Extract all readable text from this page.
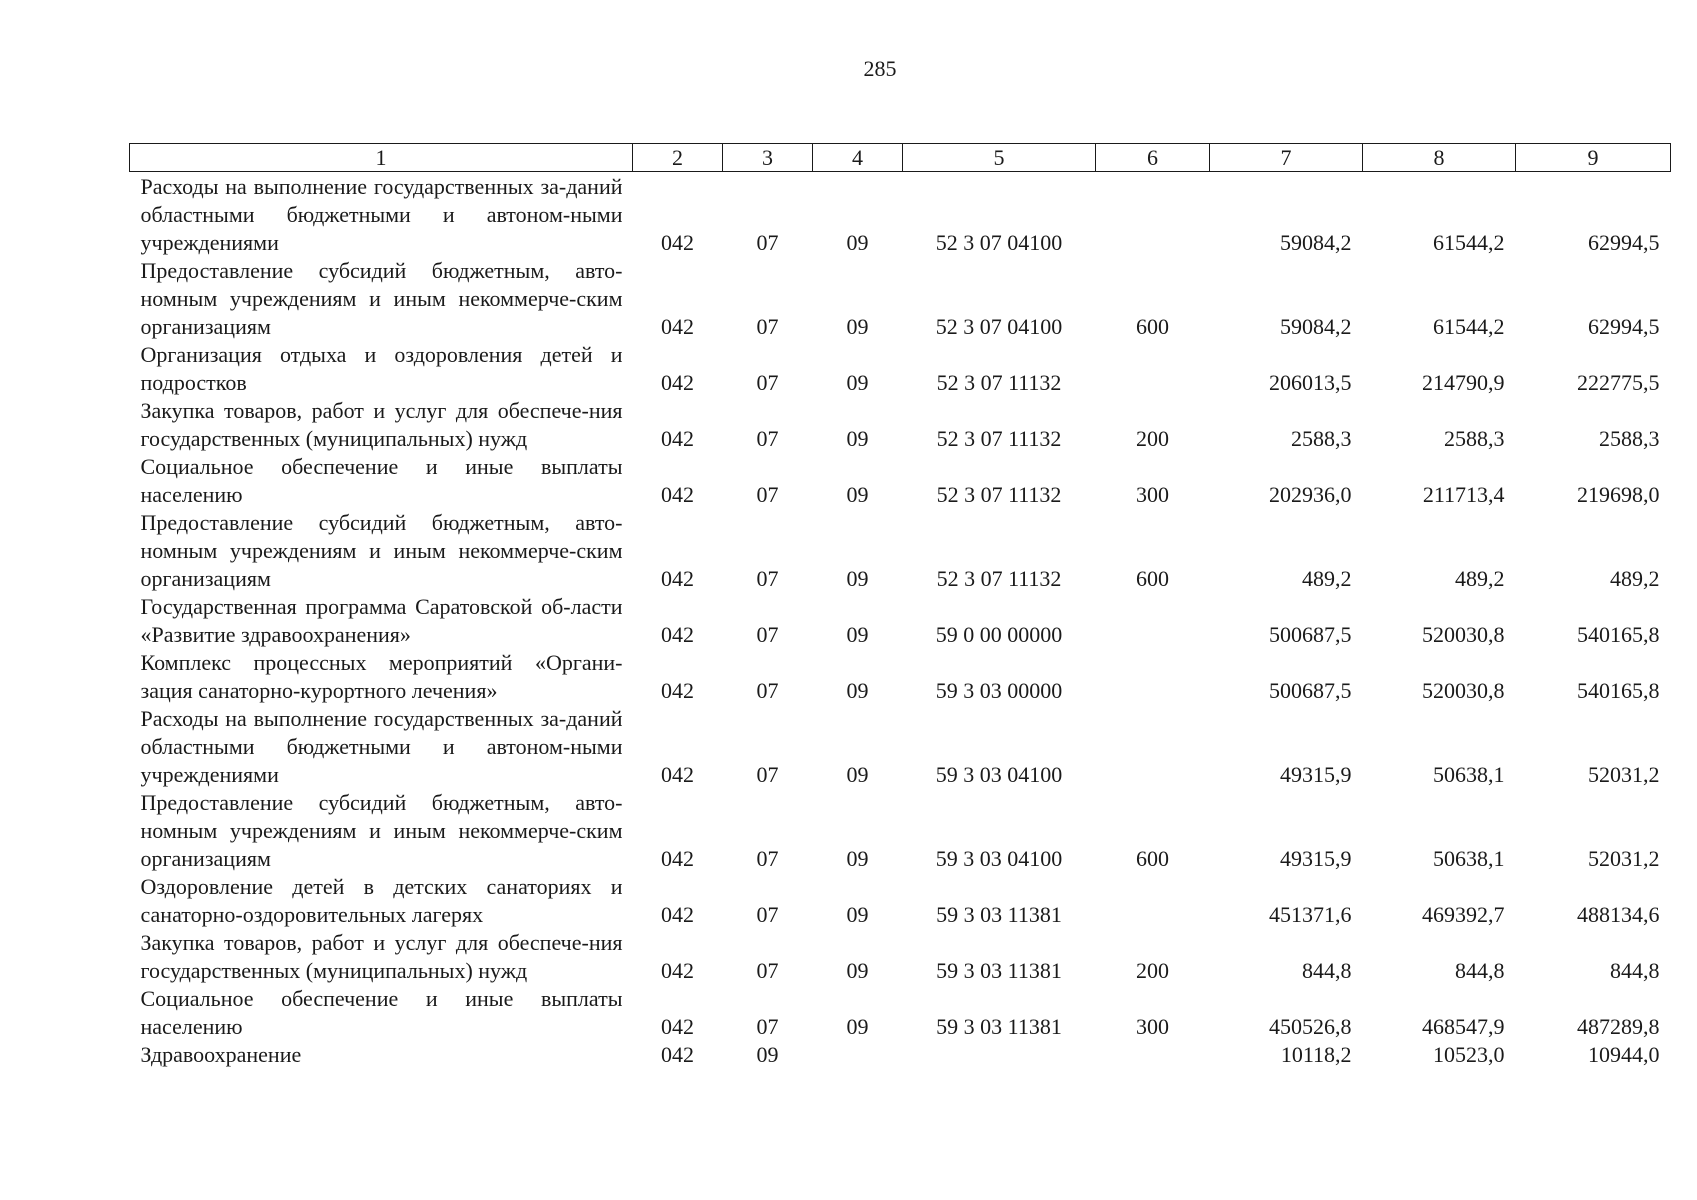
285
1	2	3	4	5	6	7	8	9
Расходы на выполнение государственных за-даний областными бюджетными и автоном-ными учреждениями	042	07	09	52 3 07 04100		59084,2	61544,2	62994,5
Предоставление субсидий бюджетным, авто-номным учреждениям и иным некоммерче-ским организациям	042	07	09	52 3 07 04100	600	59084,2	61544,2	62994,5
Организация отдыха и оздоровления детей и подростков	042	07	09	52 3 07 11132		206013,5	214790,9	222775,5
Закупка товаров, работ и услуг для обеспече-ния государственных (муниципальных) нужд	042	07	09	52 3 07 11132	200	2588,3	2588,3	2588,3
Социальное обеспечение и иные выплаты населению	042	07	09	52 3 07 11132	300	202936,0	211713,4	219698,0
Предоставление субсидий бюджетным, авто-номным учреждениям и иным некоммерче-ским организациям	042	07	09	52 3 07 11132	600	489,2	489,2	489,2
Государственная программа Саратовской об-ласти «Развитие здравоохранения»	042	07	09	59 0 00 00000		500687,5	520030,8	540165,8
Комплекс процессных мероприятий «Органи-зация санаторно-курортного лечения»	042	07	09	59 3 03 00000		500687,5	520030,8	540165,8
Расходы на выполнение государственных за-даний областными бюджетными и автоном-ными учреждениями	042	07	09	59 3 03 04100		49315,9	50638,1	52031,2
Предоставление субсидий бюджетным, авто-номным учреждениям и иным некоммерче-ским организациям	042	07	09	59 3 03 04100	600	49315,9	50638,1	52031,2
Оздоровление детей в детских санаториях и санаторно-оздоровительных лагерях	042	07	09	59 3 03 11381		451371,6	469392,7	488134,6
Закупка товаров, работ и услуг для обеспече-ния государственных (муниципальных) нужд	042	07	09	59 3 03 11381	200	844,8	844,8	844,8
Социальное обеспечение и иные выплаты населению	042	07	09	59 3 03 11381	300	450526,8	468547,9	487289,8
Здравоохранение	042	09				10118,2	10523,0	10944,0
